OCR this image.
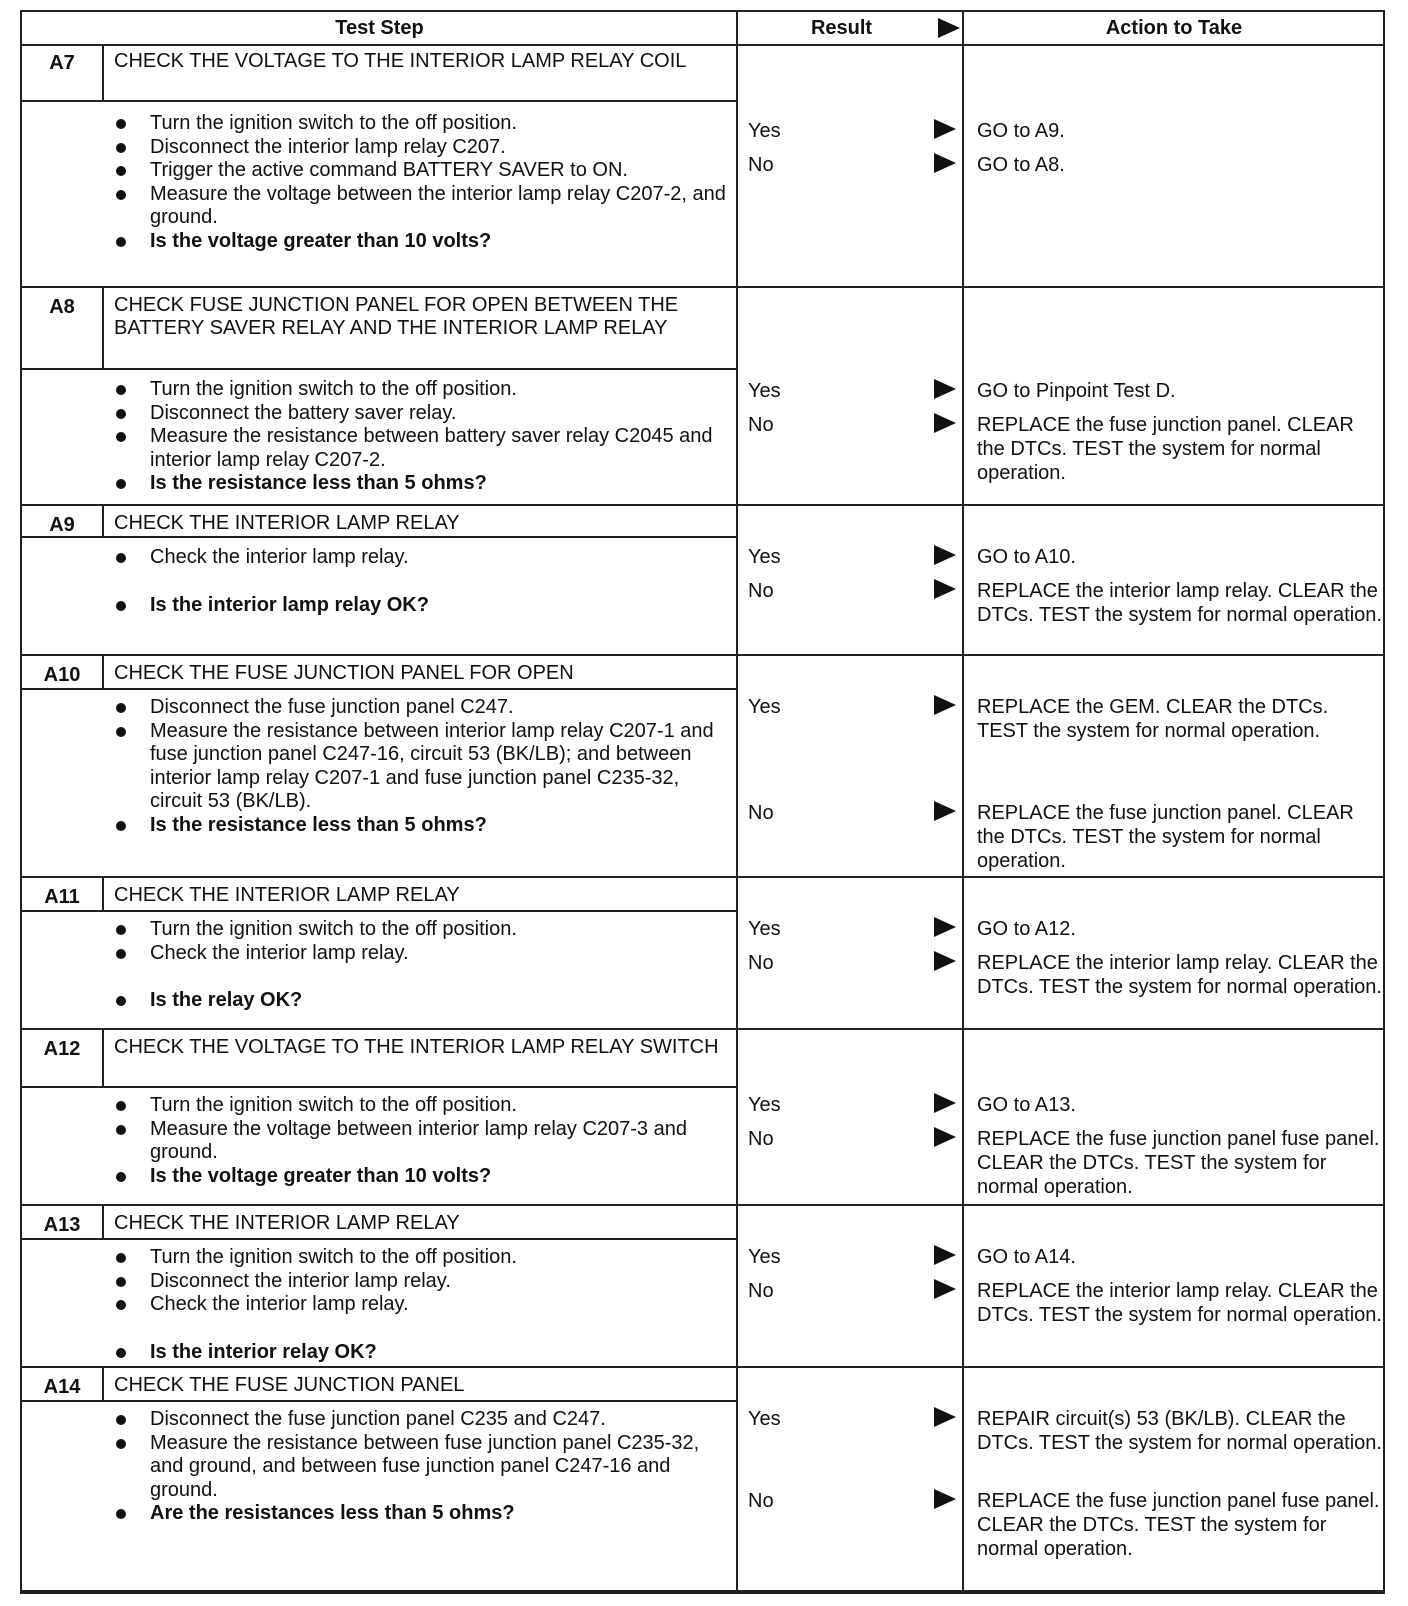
Test Step	Result	Action to Take
A7	CHECK THE VOLTAGE TO THE INTERIOR LAMP RELAY COIL
Turn the ignition switch to the off position.
Disconnect the interior lamp relay C207.
Trigger the active command BATTERY SAVER to ON.
Measure the voltage between the interior lamp relay C207-2, and ground.
Is the voltage greater than 10 volts?
Yes	GO to A9.
No	GO to A8.
A8	CHECK FUSE JUNCTION PANEL FOR OPEN BETWEEN THE BATTERY SAVER RELAY AND THE INTERIOR LAMP RELAY
Turn the ignition switch to the off position.
Disconnect the battery saver relay.
Measure the resistance between battery saver relay C2045 and interior lamp relay C207-2.
Is the resistance less than 5 ohms?
Yes	GO to Pinpoint Test D.
No	REPLACE the fuse junction panel. CLEAR the DTCs. TEST the system for normal operation.
A9	CHECK THE INTERIOR LAMP RELAY
Check the interior lamp relay.
Is the interior lamp relay OK?
Yes	GO to A10.
No	REPLACE the interior lamp relay. CLEAR the DTCs. TEST the system for normal operation.
A10	CHECK THE FUSE JUNCTION PANEL FOR OPEN
Disconnect the fuse junction panel C247.
Measure the resistance between interior lamp relay C207-1 and fuse junction panel C247-16, circuit 53 (BK/LB); and between interior lamp relay C207-1 and fuse junction panel C235-32, circuit 53 (BK/LB).
Is the resistance less than 5 ohms?
Yes	REPLACE the GEM. CLEAR the DTCs. TEST the system for normal operation.
No	REPLACE the fuse junction panel. CLEAR the DTCs. TEST the system for normal operation.
A11	CHECK THE INTERIOR LAMP RELAY
Turn the ignition switch to the off position.
Check the interior lamp relay.
Is the relay OK?
Yes	GO to A12.
No	REPLACE the interior lamp relay. CLEAR the DTCs. TEST the system for normal operation.
A12	CHECK THE VOLTAGE TO THE INTERIOR LAMP RELAY SWITCH
Turn the ignition switch to the off position.
Measure the voltage between interior lamp relay C207-3 and ground.
Is the voltage greater than 10 volts?
Yes	GO to A13.
No	REPLACE the fuse junction panel fuse panel. CLEAR the DTCs. TEST the system for normal operation.
A13	CHECK THE INTERIOR LAMP RELAY
Turn the ignition switch to the off position.
Disconnect the interior lamp relay.
Check the interior lamp relay.
Is the interior relay OK?
Yes	GO to A14.
No	REPLACE the interior lamp relay. CLEAR the DTCs. TEST the system for normal operation.
A14	CHECK THE FUSE JUNCTION PANEL
Disconnect the fuse junction panel C235 and C247.
Measure the resistance between fuse junction panel C235-32, and ground, and between fuse junction panel C247-16 and ground.
Are the resistances less than 5 ohms?
Yes	REPAIR circuit(s) 53 (BK/LB). CLEAR the DTCs. TEST the system for normal operation.
No	REPLACE the fuse junction panel fuse panel. CLEAR the DTCs. TEST the system for normal operation.
